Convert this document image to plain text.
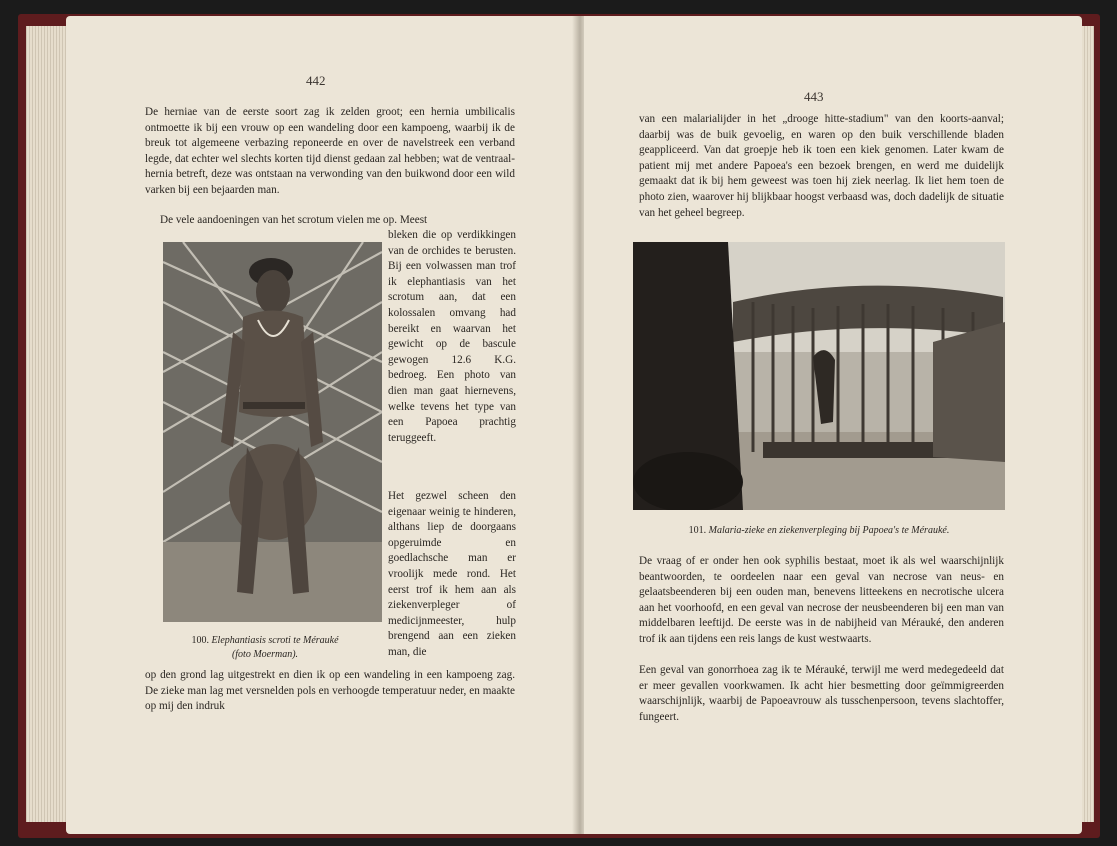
442

De herniae van de eerste soort zag ik zelden groot; een hernia umbilicalis ontmoette ik bij een vrouw op een wandeling door een kampoeng, waarbij ik de breuk tot algemeene verbazing reponeerde en over de navelstreek een verband legde, dat echter wel slechts korten tijd dienst gedaan zal hebben; wat de ventraal-hernia betreft, deze was ontstaan na verwonding van den buikwond door een wild varken bij een bejaarden man.

De vele aandoeningen van het scrotum vielen me op. Meest

100. Elephantiasis scroti te Mérauké
(foto Moerman).

bleken die op verdikkingen van de orchides te berusten. Bij een volwassen man trof ik elephantiasis van het scrotum aan, dat een kolossalen omvang had bereikt en waarvan het gewicht op de bascule gewogen 12.6 K.G. bedroeg. Een photo van dien man gaat hiernevens, welke tevens het type van een Papoea prachtig teruggeeft.

Het gezwel scheen den eigenaar weinig te hinderen, althans liep de doorgaans opgeruimde en goedlachsche man er vroolijk mede rond. Het eerst trof ik hem aan als ziekenverpleger of medicijnmeester, hulp brengend aan een zieken man, die

op den grond lag uitgestrekt en dien ik op een wandeling in een kampoeng zag. De zieke man lag met versnelden pols en verhoogde temperatuur neder, en maakte op mij den indruk

443

van een malarialijder in het „drooge hitte-stadium" van den koorts-aanval; daarbij was de buik gevoelig, en waren op den buik verschillende bladen geappliceerd. Van dat groepje heb ik toen een kiek genomen. Later kwam de patient mij met andere Papoea's een bezoek brengen, en werd me duidelijk gemaakt dat ik bij hem geweest was toen hij ziek neerlag. Ik liet hem toen de photo zien, waarover hij blijkbaar hoogst verbaasd was, doch dadelijk de situatie van het geheel begreep.

101. Malaria-zieke en ziekenverpleging bij Papoea's te Mérauké.

De vraag of er onder hen ook syphilis bestaat, moet ik als wel waarschijnlijk beantwoorden, te oordeelen naar een geval van necrose van neus- en gelaatsbeenderen bij een ouden man, benevens litteekens en necrotische ulcera aan het voorhoofd, en een geval van necrose der neusbeenderen bij een man van middelbaren leeftijd. De eerste was in de nabijheid van Mérauké, den anderen trof ik aan tijdens een reis langs de kust westwaarts.

Een geval van gonorrhoea zag ik te Mérauké, terwijl me werd medegedeeld dat er meer gevallen voorkwamen. Ik acht hier besmetting door geïmmigreerden waarschijnlijk, waarbij de Papoeavrouw als tusschenpersoon, tevens slachtoffer, fungeert.
